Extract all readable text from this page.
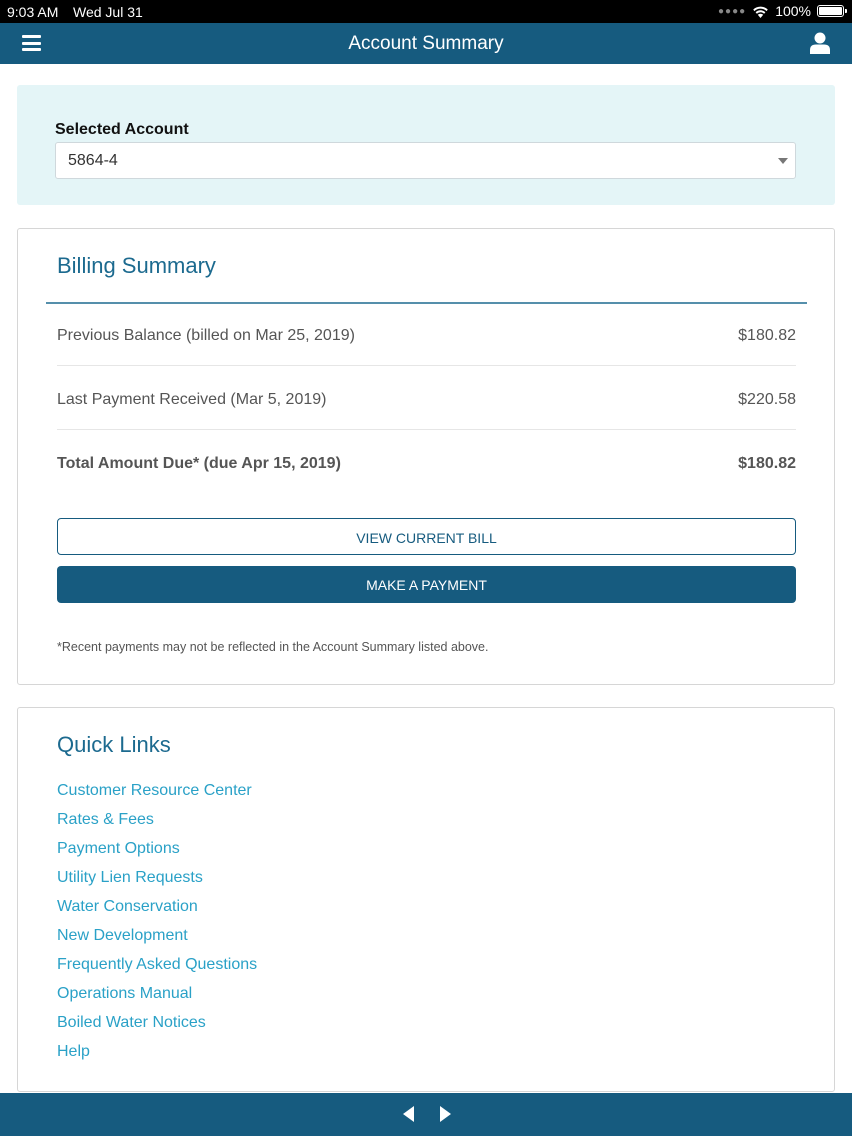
9:03 AM Wed Jul 31	●●●● 100%
Account Summary
Selected Account
5864-4
Billing Summary
Previous Balance (billed on Mar 25, 2019)	$180.82
Last Payment Received (Mar 5, 2019)	$220.58
Total Amount Due* (due Apr 15, 2019)	$180.82
VIEW CURRENT BILL
MAKE A PAYMENT
*Recent payments may not be reflected in the Account Summary listed above.
Quick Links
Customer Resource Center
Rates & Fees
Payment Options
Utility Lien Requests
Water Conservation
New Development
Frequently Asked Questions
Operations Manual
Boiled Water Notices
Help
